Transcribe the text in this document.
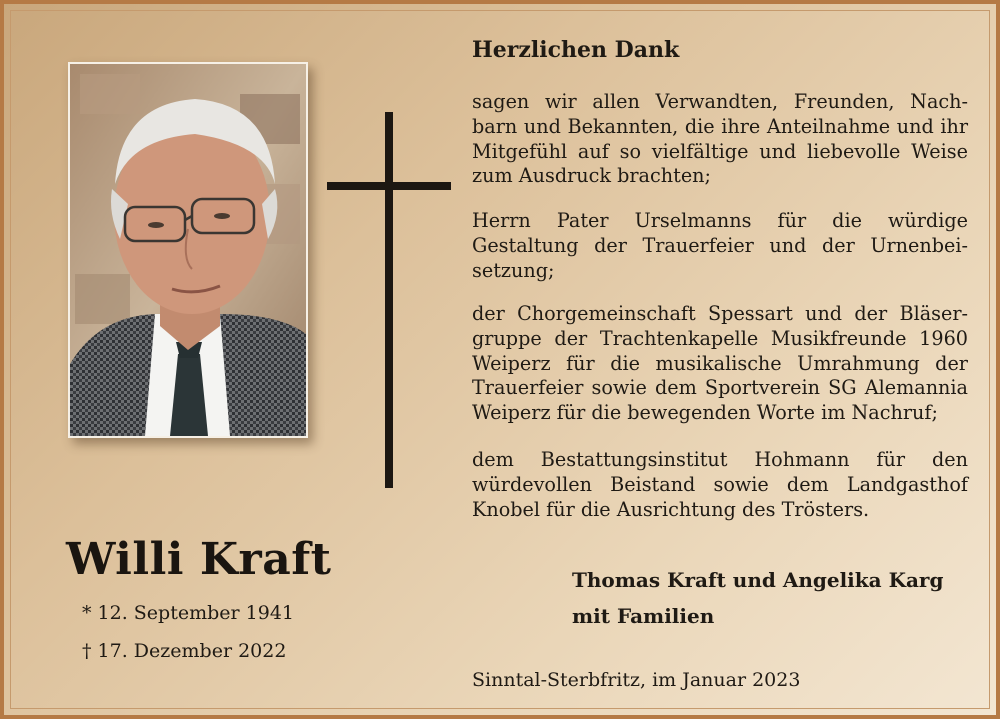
Willi Kraft
* 12. September 1941
† 17. Dezember 2022
Herzlichen Dank
sagen wir allen Verwandten, Freunden, Nach- barn und Bekannten, die ihre Anteilnahme und ihr Mitgefühl auf so vielfältige und liebevolle Weise zum Ausdruck brachten;
Herrn Pater Urselmanns für die würdige Gestaltung der Trauerfeier und der Urnenbei- setzung;
der Chorgemeinschaft Spessart und der Bläser- gruppe der Trachtenkapelle Musikfreunde 1960 Weiperz für die musikalische Umrahmung der Trauerfeier sowie dem Sportverein SG Alemannia Weiperz für die bewegenden Worte im Nachruf;
dem Bestattungsinstitut Hohmann für den würdevollen Beistand sowie dem Landgasthof Knobel für die Ausrichtung des Trösters.
Thomas Kraft und Angelika Karg
mit Familien
Sinntal-Sterbfritz, im Januar 2023
